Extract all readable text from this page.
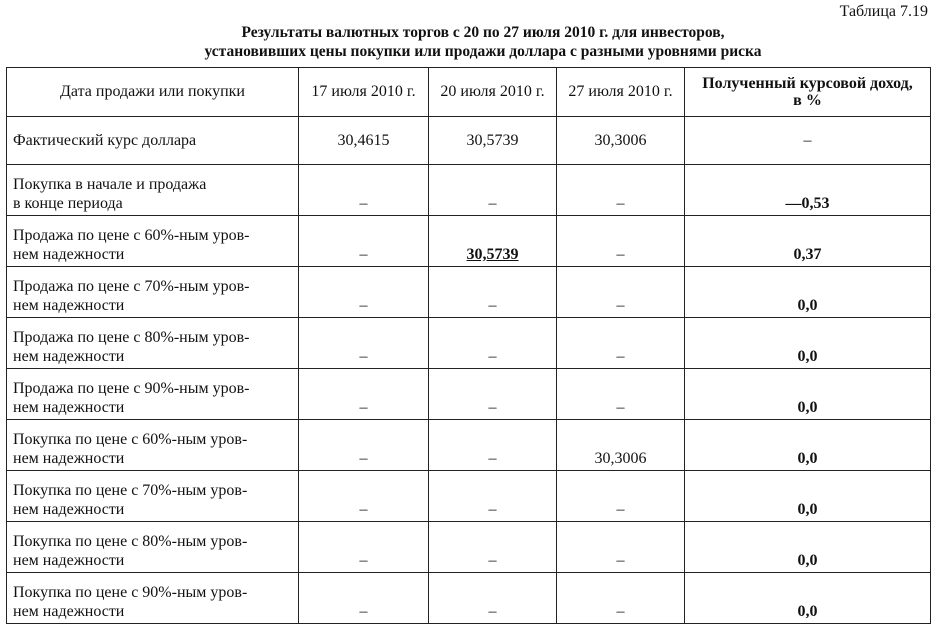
Таблица 7.19
Результаты валютных торгов с 20 по 27 июля 2010 г. для инвесторов,
установивших цены покупки или продажи доллара с разными уровнями риска
Дата продажи или покупки	17 июля 2010 г.	20 июля 2010 г.	27 июля 2010 г.	Полученный курсовой доход,
в %

Фактический курс доллара	30,4615	30,5739	30,3006	–

Покупка в начале и продажа
в конце периода	–	–	–	—0,53

Продажа по цене с 60%-ным уров-
нем надежности	–	30,5739	–	0,37

Продажа по цене с 70%-ным уров-
нем надежности	–	–	–	0,0

Продажа по цене с 80%-ным уров-
нем надежности	–	–	–	0,0

Продажа по цене с 90%-ным уров-
нем надежности	–	–	–	0,0

Покупка по цене с 60%-ным уров-
нем надежности	–	–	30,3006	0,0

Покупка по цене с 70%-ным уров-
нем надежности	–	–	–	0,0

Покупка по цене с 80%-ным уров-
нем надежности	–	–	–	0,0

Покупка по цене с 90%-ным уров-
нем надежности	–	–	–	0,0
